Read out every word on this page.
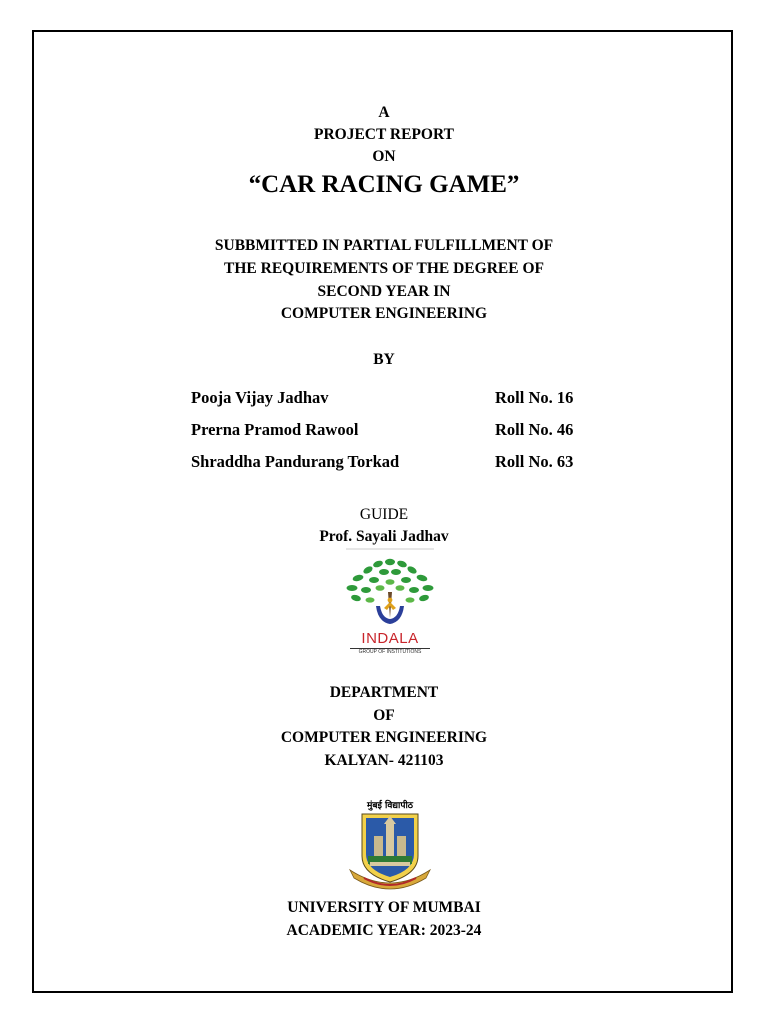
A
PROJECT REPORT
ON
“CAR RACING GAME”
SUBBMITTED IN PARTIAL FULFILLMENT OF
THE REQUIREMENTS OF THE DEGREE OF
SECOND YEAR IN
COMPUTER ENGINEERING
BY
Pooja Vijay Jadhav	Roll No. 16
Prerna Pramod Rawool	Roll No. 46
Shraddha Pandurang Torkad	Roll No. 63
GUIDE
Prof. Sayali Jadhav
INDALA
GROUP OF INSTITUTIONS
DEPARTMENT
OF
COMPUTER ENGINEERING
KALYAN- 421103
मुंबई विद्यापीठ
UNIVERSITY OF MUMBAI
ACADEMIC YEAR: 2023-24
